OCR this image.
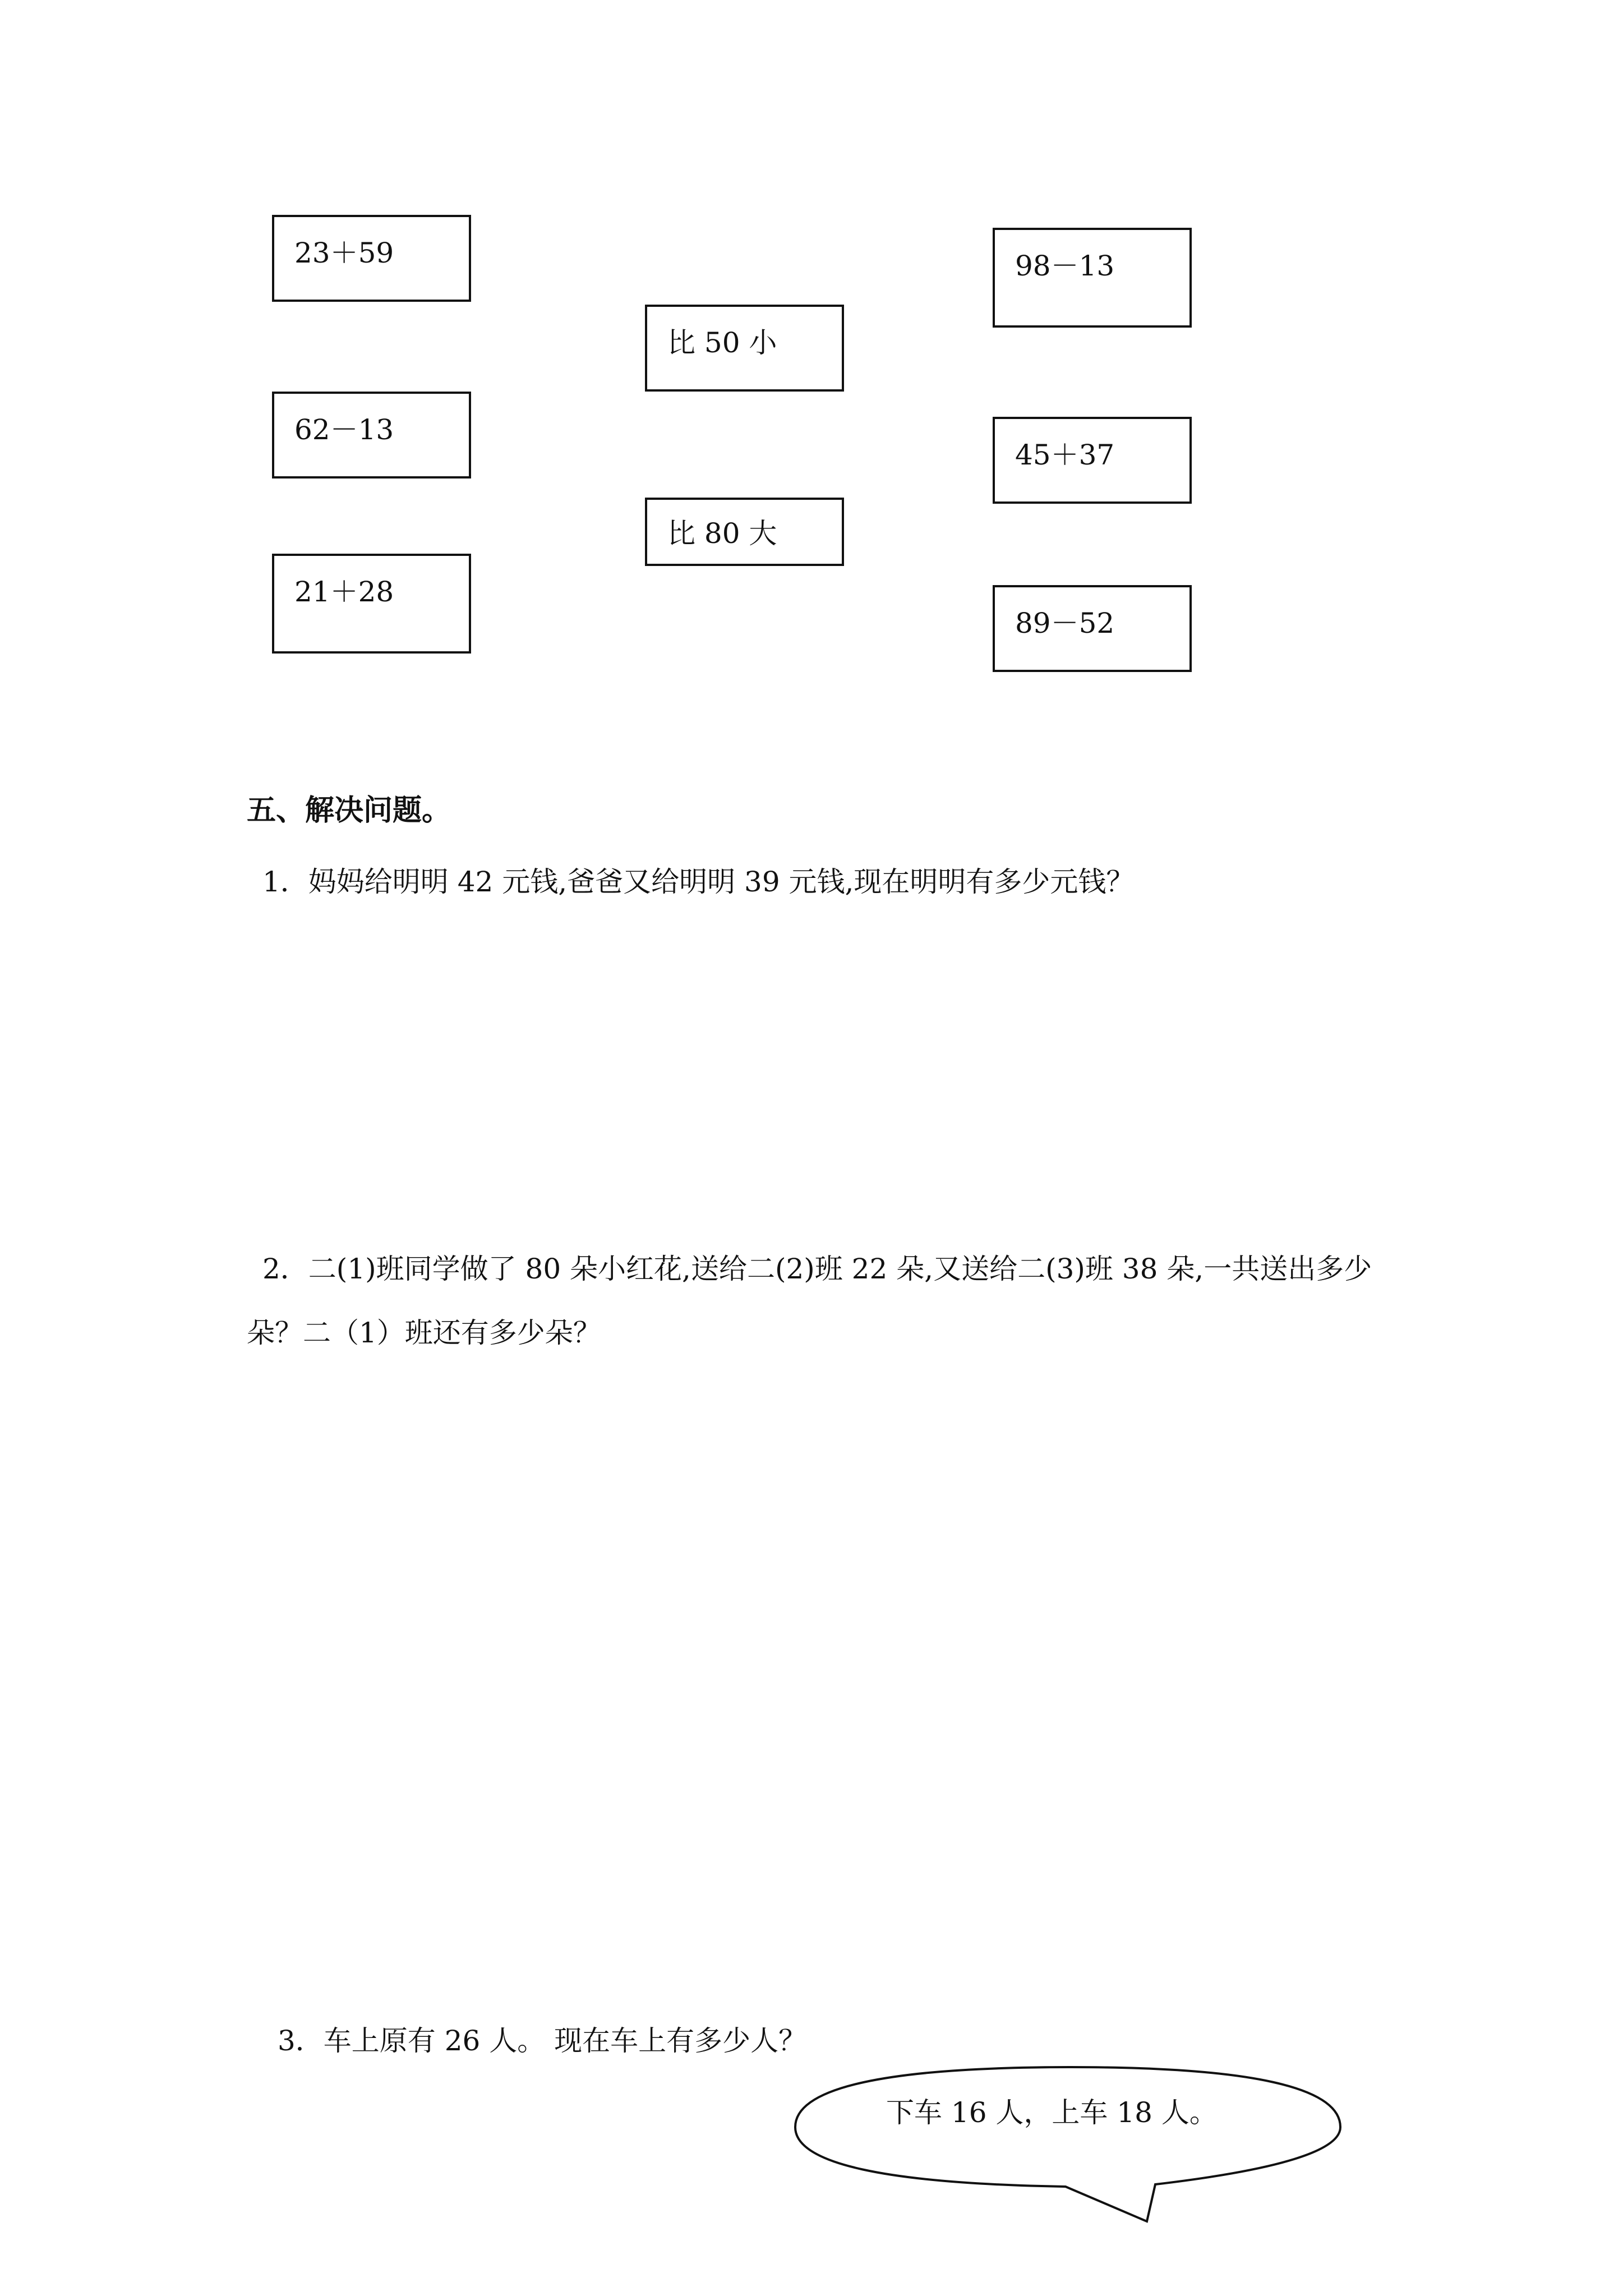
23＋59
62－13
21＋28
比 50 小
比 80 大
98－13
45＋37
89－52
五、解决问题。
1．妈妈给明明 42 元钱,爸爸又给明明 39 元钱,现在明明有多少元钱？
2．二(1)班同学做了 80 朵小红花,送给二(2)班 22 朵,又送给二(3)班 38 朵,一共送出多少
朵？二（1）班还有多少朵？
3．车上原有 26 人。 现在车上有多少人？
下车 16 人，上车 18 人。
